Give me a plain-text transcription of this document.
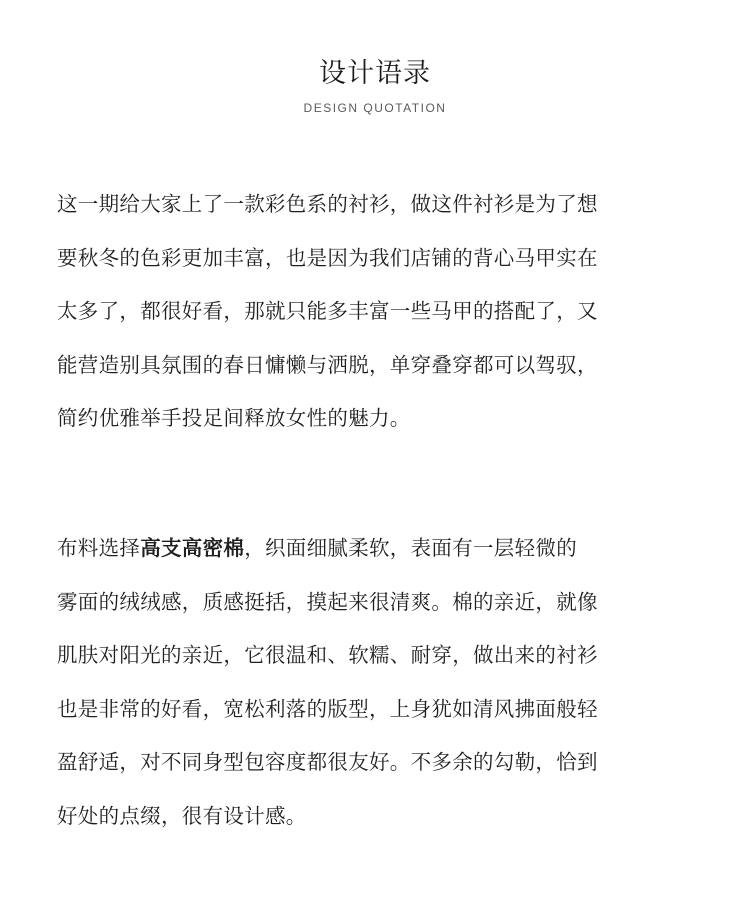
设计语录
DESIGN QUOTATION
这一期给大家上了一款彩色系的衬衫，做这件衬衫是为了想
要秋冬的色彩更加丰富，也是因为我们店铺的背心马甲实在
太多了，都很好看，那就只能多丰富一些马甲的搭配了，又
能营造别具氛围的春日慵懒与洒脱，单穿叠穿都可以驾驭，
简约优雅举手投足间释放女性的魅力。
布料选择高支高密棉，织面细腻柔软，表面有一层轻微的
雾面的绒绒感，质感挺括，摸起来很清爽。棉的亲近，就像
肌肤对阳光的亲近，它很温和、软糯、耐穿，做出来的衬衫
也是非常的好看，宽松利落的版型，上身犹如清风拂面般轻
盈舒适，对不同身型包容度都很友好。不多余的勾勒，恰到
好处的点缀，很有设计感。
